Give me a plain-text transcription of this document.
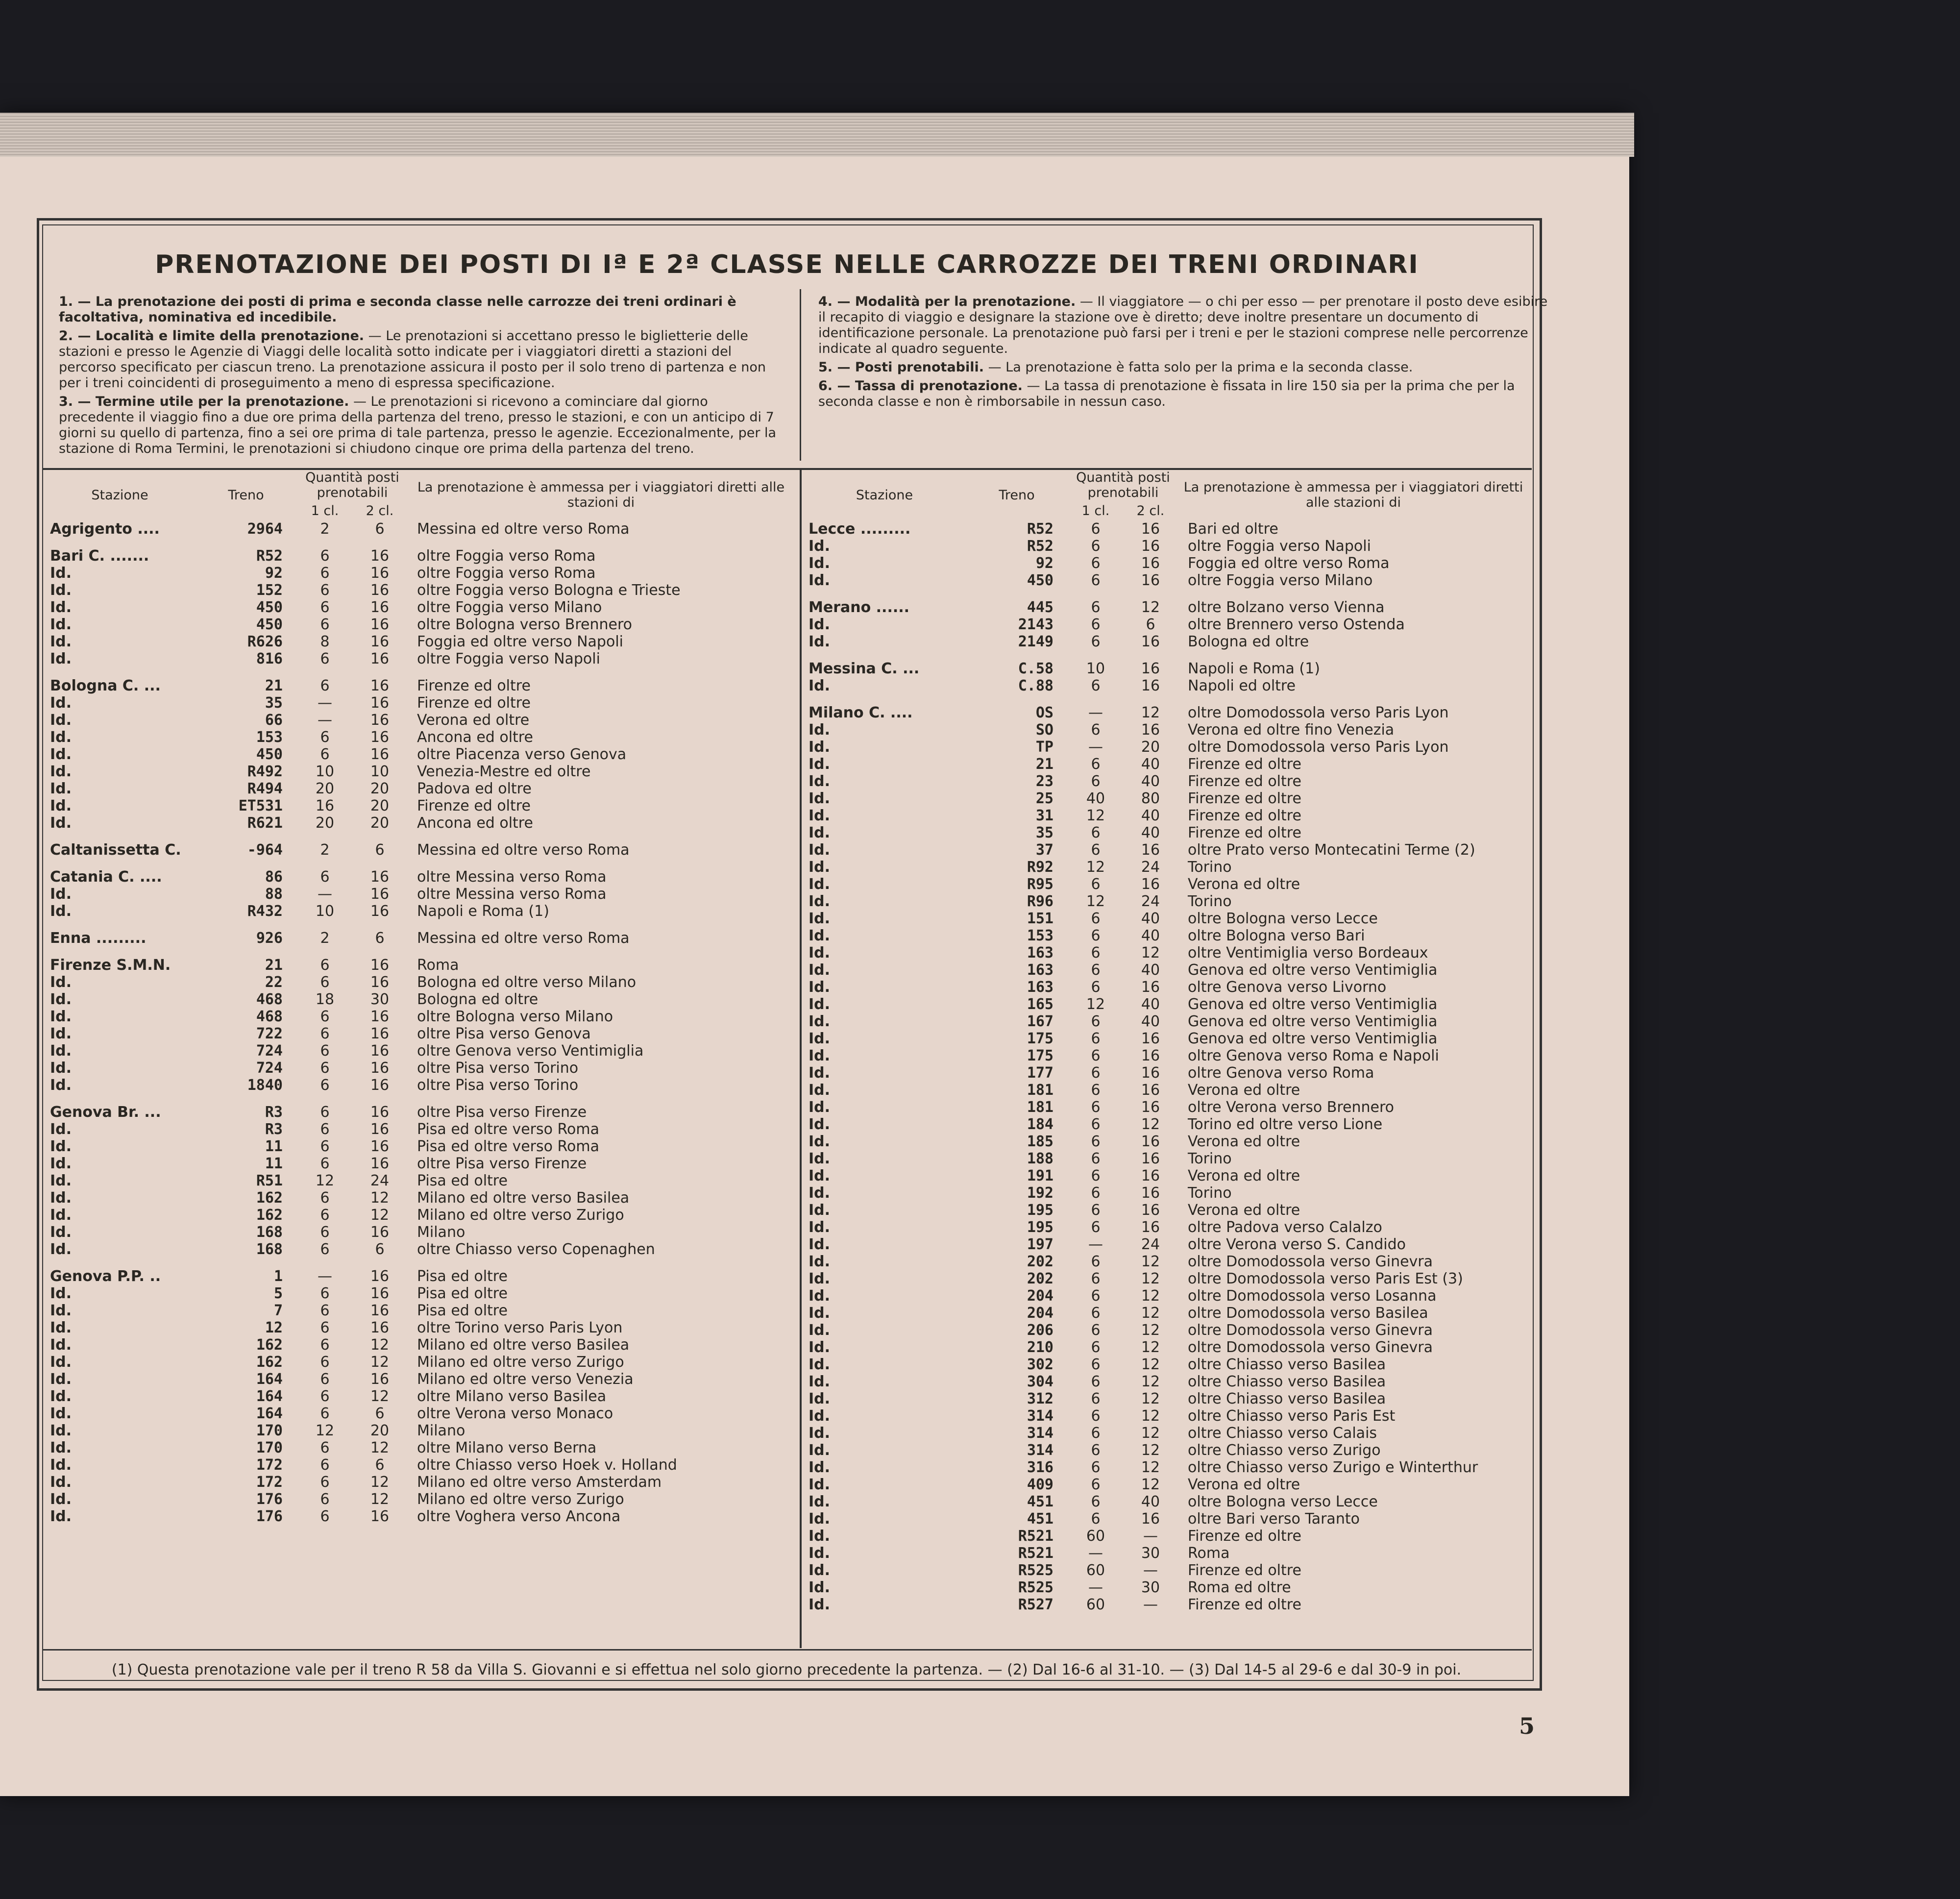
PRENOTAZIONE DEI POSTI DI Iª E 2ª CLASSE NELLE CARROZZE DEI TRENI ORDINARI

1. — La prenotazione dei posti di prima e seconda classe nelle carrozze dei treni ordinari è facoltativa, nominativa ed incedibile.

2. — Località e limite della prenotazione. — Le prenotazioni si accettano presso le biglietterie delle stazioni e presso le Agenzie di Viaggi delle località sotto indicate per i viaggiatori diretti a stazioni del percorso specificato per ciascun treno. La prenotazione assicura il posto per il solo treno di partenza e non per i treni coincidenti di proseguimento a meno di espressa specificazione.

3. — Termine utile per la prenotazione. — Le prenotazioni si ricevono a cominciare dal giorno precedente il viaggio fino a due ore prima della partenza del treno, presso le stazioni, e con un anticipo di 7 giorni su quello di partenza, fino a sei ore prima di tale partenza, presso le agenzie. Eccezionalmente, per la stazione di Roma Termini, le prenotazioni si chiudono cinque ore prima della partenza del treno.

4. — Modalità per la prenotazione. — Il viaggiatore — o chi per esso — per prenotare il posto deve esibire il recapito di viaggio e designare la stazione ove è diretto; deve inoltre presentare un documento di identificazione personale. La prenotazione può farsi per i treni e per le stazioni comprese nelle percorrenze indicate al quadro seguente.

5. — Posti prenotabili. — La prenotazione è fatta solo per la prima e la seconda classe.

6. — Tassa di prenotazione. — La tassa di prenotazione è fissata in lire 150 sia per la prima che per la seconda classe e non è rimborsabile in nessun caso.

Stazione	Treno	Quantità posti prenotabili		La prenotazione è ammessa per i viaggiatori diretti alle stazioni di
		1 cl.	2 cl.	
Agrigento ....	2964	2	6	Messina ed oltre verso Roma

Bari C. .......	R52	6	16	oltre Foggia verso Roma
Id.	92	6	16	oltre Foggia verso Roma
Id.	152	6	16	oltre Foggia verso Bologna e Trieste
Id.	450	6	16	oltre Foggia verso Milano
Id.	450	6	16	oltre Bologna verso Brennero
Id.	R626	8	16	Foggia ed oltre verso Napoli
Id.	816	6	16	oltre Foggia verso Napoli

Bologna C. ...	21	6	16	Firenze ed oltre
Id.	35	—	16	Firenze ed oltre
Id.	66	—	16	Verona ed oltre
Id.	153	6	16	Ancona ed oltre
Id.	450	6	16	oltre Piacenza verso Genova
Id.	R492	10	10	Venezia-Mestre ed oltre
Id.	R494	20	20	Padova ed oltre
Id.	ET531	16	20	Firenze ed oltre
Id.	R621	20	20	Ancona ed oltre

Caltanissetta C.	-964	2	6	Messina ed oltre verso Roma

Catania C. ....	86	6	16	oltre Messina verso Roma
Id.	88	—	16	oltre Messina verso Roma
Id.	R432	10	16	Napoli e Roma (1)

Enna .........	926	2	6	Messina ed oltre verso Roma

Firenze S.M.N.	21	6	16	Roma
Id.	22	6	16	Bologna ed oltre verso Milano
Id.	468	18	30	Bologna ed oltre
Id.	468	6	16	oltre Bologna verso Milano
Id.	722	6	16	oltre Pisa verso Genova
Id.	724	6	16	oltre Genova verso Ventimiglia
Id.	724	6	16	oltre Pisa verso Torino
Id.	1840	6	16	oltre Pisa verso Torino

Genova Br. ...	R3	6	16	oltre Pisa verso Firenze
Id.	R3	6	16	Pisa ed oltre verso Roma
Id.	11	6	16	Pisa ed oltre verso Roma
Id.	11	6	16	oltre Pisa verso Firenze
Id.	R51	12	24	Pisa ed oltre
Id.	162	6	12	Milano ed oltre verso Basilea
Id.	162	6	12	Milano ed oltre verso Zurigo
Id.	168	6	16	Milano
Id.	168	6	6	oltre Chiasso verso Copenaghen

Genova P.P. ..	1	—	16	Pisa ed oltre
Id.	5	6	16	Pisa ed oltre
Id.	7	6	16	Pisa ed oltre
Id.	12	6	16	oltre Torino verso Paris Lyon
Id.	162	6	12	Milano ed oltre verso Basilea
Id.	162	6	12	Milano ed oltre verso Zurigo
Id.	164	6	16	Milano ed oltre verso Venezia
Id.	164	6	12	oltre Milano verso Basilea
Id.	164	6	6	oltre Verona verso Monaco
Id.	170	12	20	Milano
Id.	170	6	12	oltre Milano verso Berna
Id.	172	6	6	oltre Chiasso verso Hoek v. Holland
Id.	172	6	12	Milano ed oltre verso Amsterdam
Id.	176	6	12	Milano ed oltre verso Zurigo
Id.	176	6	16	oltre Voghera verso Ancona
Stazione	Treno	Quantità posti prenotabili		La prenotazione è ammessa per i viaggiatori diretti alle stazioni di
		1 cl.	2 cl.	
Lecce .........	R52	6	16	Bari ed oltre
Id.	R52	6	16	oltre Foggia verso Napoli
Id.	92	6	16	Foggia ed oltre verso Roma
Id.	450	6	16	oltre Foggia verso Milano

Merano ......	445	6	12	oltre Bolzano verso Vienna
Id.	2143	6	6	oltre Brennero verso Ostenda
Id.	2149	6	16	Bologna ed oltre

Messina C. ...	C.58	10	16	Napoli e Roma (1)
Id.	C.88	6	16	Napoli ed oltre

Milano C. ....	OS	—	12	oltre Domodossola verso Paris Lyon
Id.	SO	6	16	Verona ed oltre fino Venezia
Id.	TP	—	20	oltre Domodossola verso Paris Lyon
Id.	21	6	40	Firenze ed oltre
Id.	23	6	40	Firenze ed oltre
Id.	25	40	80	Firenze ed oltre
Id.	31	12	40	Firenze ed oltre
Id.	35	6	40	Firenze ed oltre
Id.	37	6	16	oltre Prato verso Montecatini Terme (2)
Id.	R92	12	24	Torino
Id.	R95	6	16	Verona ed oltre
Id.	R96	12	24	Torino
Id.	151	6	40	oltre Bologna verso Lecce
Id.	153	6	40	oltre Bologna verso Bari
Id.	163	6	12	oltre Ventimiglia verso Bordeaux
Id.	163	6	40	Genova ed oltre verso Ventimiglia
Id.	163	6	16	oltre Genova verso Livorno
Id.	165	12	40	Genova ed oltre verso Ventimiglia
Id.	167	6	40	Genova ed oltre verso Ventimiglia
Id.	175	6	16	Genova ed oltre verso Ventimiglia
Id.	175	6	16	oltre Genova verso Roma e Napoli
Id.	177	6	16	oltre Genova verso Roma
Id.	181	6	16	Verona ed oltre
Id.	181	6	16	oltre Verona verso Brennero
Id.	184	6	12	Torino ed oltre verso Lione
Id.	185	6	16	Verona ed oltre
Id.	188	6	16	Torino
Id.	191	6	16	Verona ed oltre
Id.	192	6	16	Torino
Id.	195	6	16	Verona ed oltre
Id.	195	6	16	oltre Padova verso Calalzo
Id.	197	—	24	oltre Verona verso S. Candido
Id.	202	6	12	oltre Domodossola verso Ginevra
Id.	202	6	12	oltre Domodossola verso Paris Est (3)
Id.	204	6	12	oltre Domodossola verso Losanna
Id.	204	6	12	oltre Domodossola verso Basilea
Id.	206	6	12	oltre Domodossola verso Ginevra
Id.	210	6	12	oltre Domodossola verso Ginevra
Id.	302	6	12	oltre Chiasso verso Basilea
Id.	304	6	12	oltre Chiasso verso Basilea
Id.	312	6	12	oltre Chiasso verso Basilea
Id.	314	6	12	oltre Chiasso verso Paris Est
Id.	314	6	12	oltre Chiasso verso Calais
Id.	314	6	12	oltre Chiasso verso Zurigo
Id.	316	6	12	oltre Chiasso verso Zurigo e Winterthur
Id.	409	6	12	Verona ed oltre
Id.	451	6	40	oltre Bologna verso Lecce
Id.	451	6	16	oltre Bari verso Taranto
Id.	R521	60	—	Firenze ed oltre
Id.	R521	—	30	Roma
Id.	R525	60	—	Firenze ed oltre
Id.	R525	—	30	Roma ed oltre
Id.	R527	60	—	Firenze ed oltre
(1) Questa prenotazione vale per il treno R 58 da Villa S. Giovanni e si effettua nel solo giorno precedente la partenza. — (2) Dal 16-6 al 31-10. — (3) Dal 14-5 al 29-6 e dal 30-9 in poi.
5
